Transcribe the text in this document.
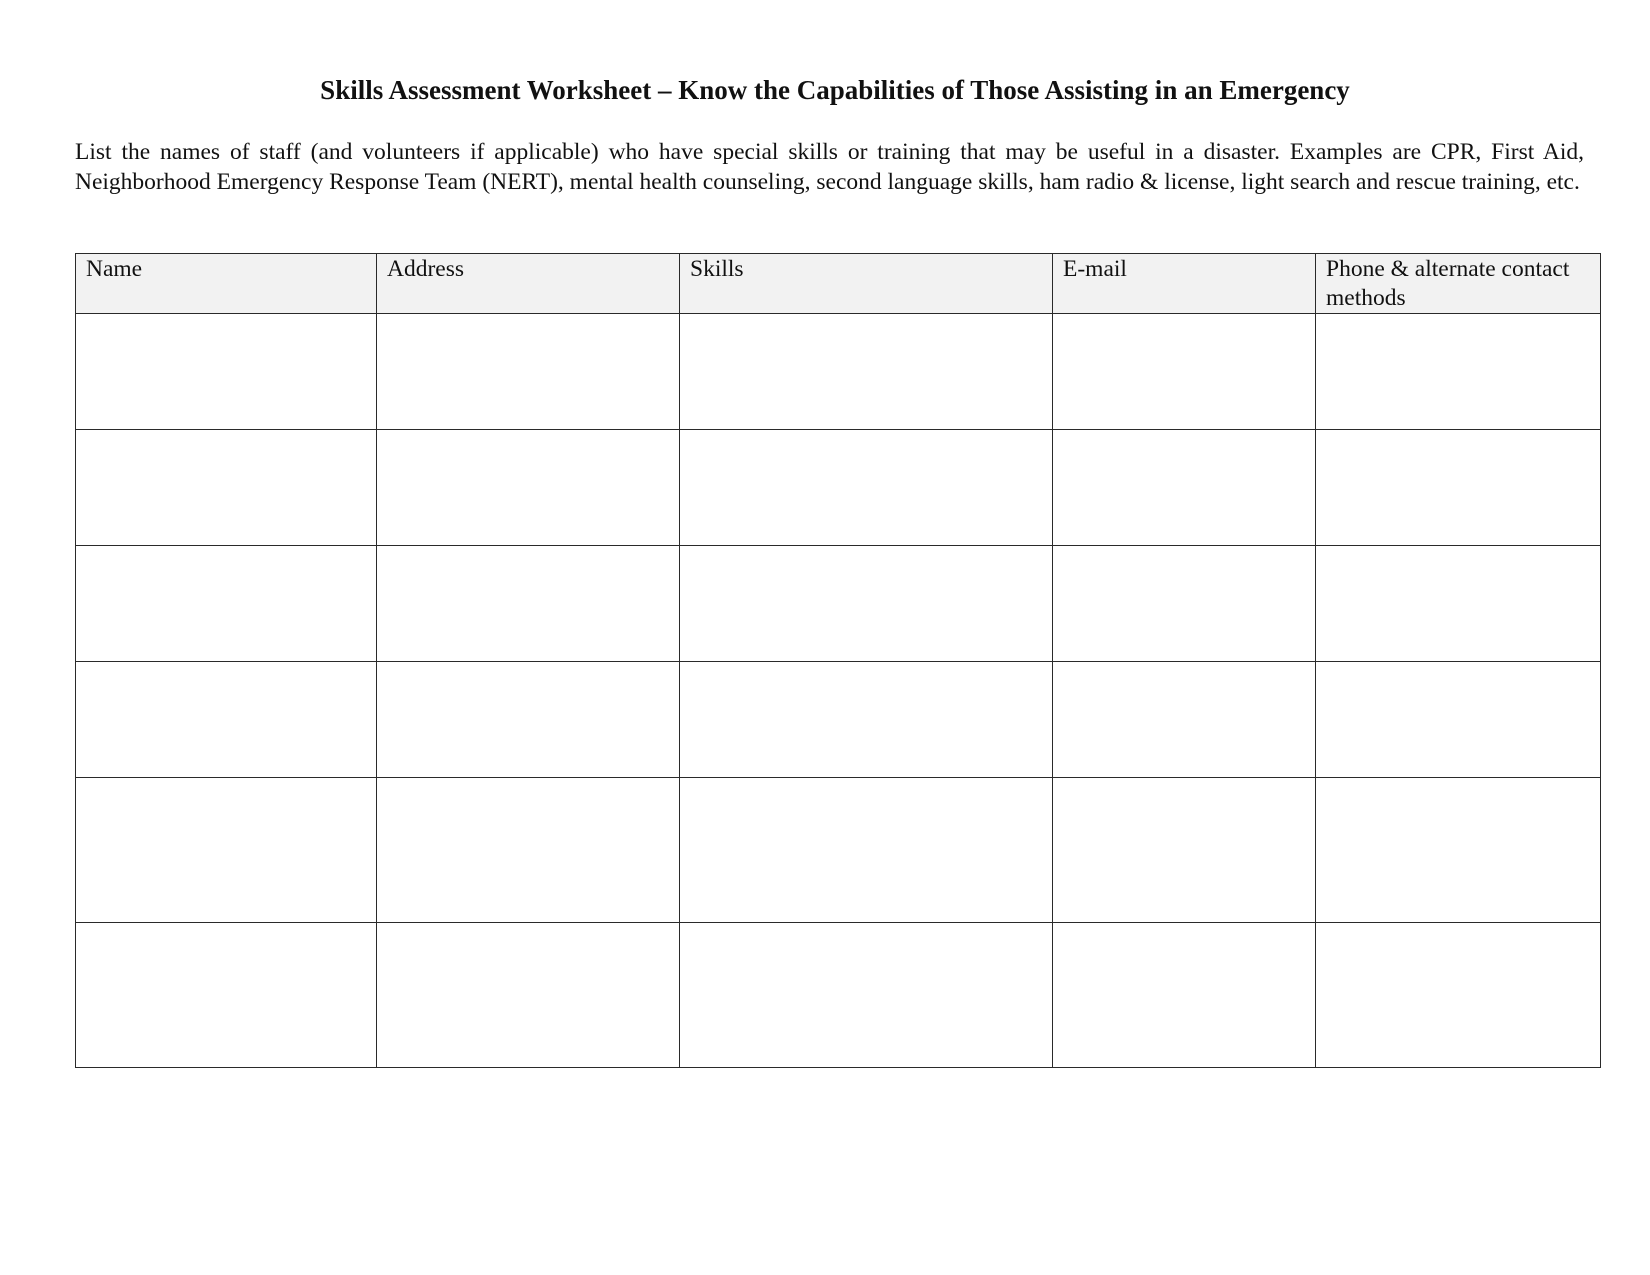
Skills Assessment Worksheet – Know the Capabilities of Those Assisting in an Emergency

List the names of staff (and volunteers if applicable) who have special skills or training that may be useful in a disaster. Examples are CPR, First Aid, Neighborhood Emergency Response Team (NERT), mental health counseling, second language skills, ham radio & license, light search and rescue training, etc.

Name	Address	Skills	E-mail	Phone & alternate contact methods
